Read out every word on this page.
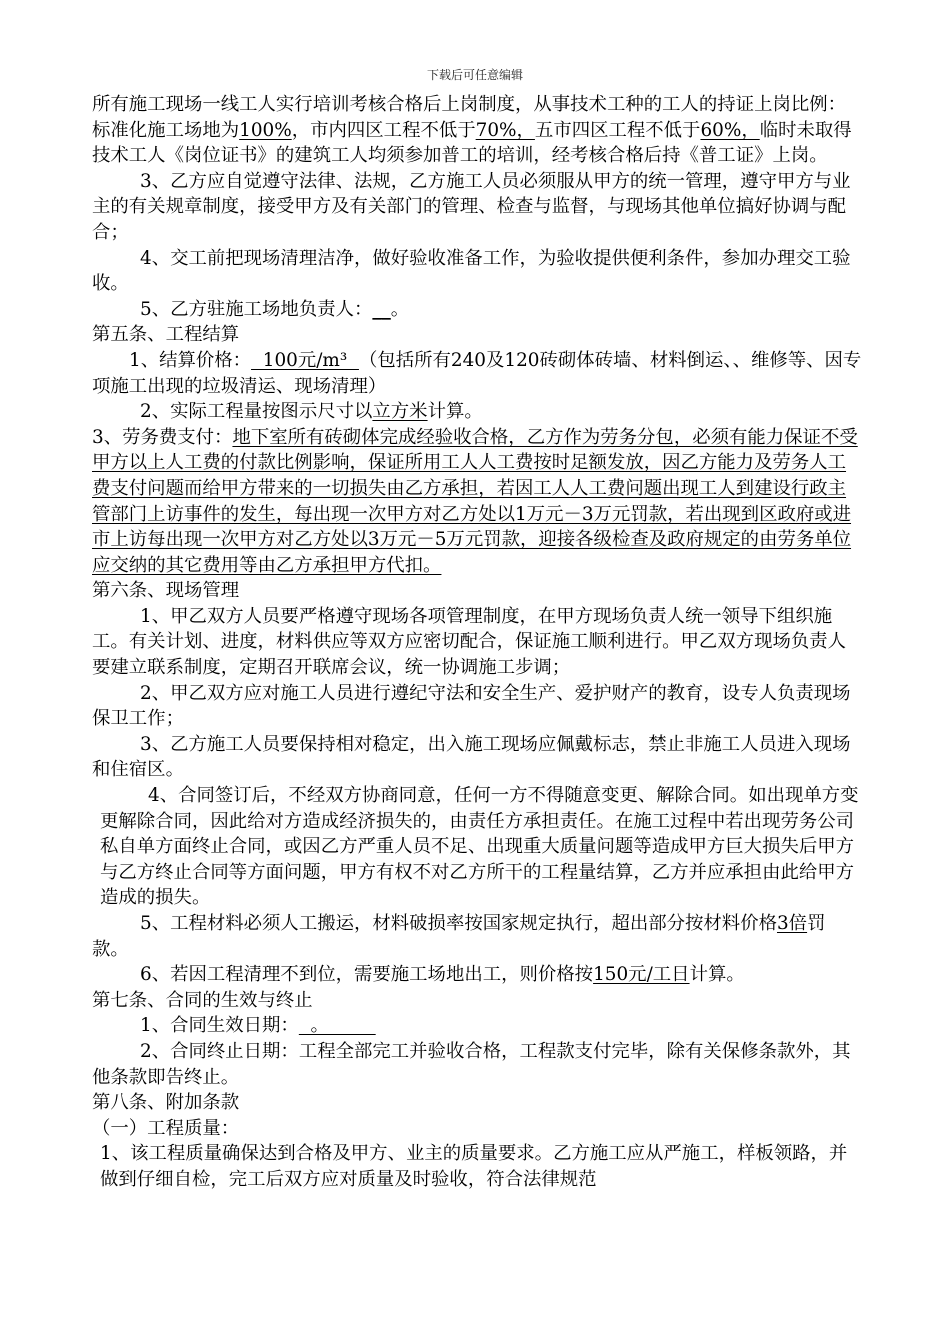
下载后可任意编辑

所有施工现场一线工人实行培训考核合格后上岗制度，从事技术工种的工人的持证上岗比例：标准化施工场地为100%，市内四区工程不低于70%，五市四区工程不低于60%，临时未取得技术工人《岗位证书》的建筑工人均须参加普工的培训，经考核合格后持《普工证》上岗。

3、乙方应自觉遵守法律、法规，乙方施工人员必须服从甲方的统一管理，遵守甲方与业主的有关规章制度，接受甲方及有关部门的管理、检查与监督，与现场其他单位搞好协调与配合；

4、交工前把现场清理洁净，做好验收准备工作，为验收提供便利条件，参加办理交工验收。

5、乙方驻施工场地负责人：__。

第五条、工程结算

1、结算价格：  100元/m³  （包括所有240及120砖砌体砖墙、材料倒运、、维修等、因专项施工出现的垃圾清运、现场清理）

2、实际工程量按图示尺寸以立方米计算。

3、劳务费支付：地下室所有砖砌体完成经验收合格，乙方作为劳务分包，必须有能力保证不受甲方以上人工费的付款比例影响，保证所用工人人工费按时足额发放，因乙方能力及劳务人工费支付问题而给甲方带来的一切损失由乙方承担，若因工人人工费问题出现工人到建设行政主管部门上访事件的发生，每出现一次甲方对乙方处以1万元－3万元罚款，若出现到区政府或进市上访每出现一次甲方对乙方处以3万元－5万元罚款，迎接各级检查及政府规定的由劳务单位应交纳的其它费用等由乙方承担甲方代扣。

第六条、现场管理

1、甲乙双方人员要严格遵守现场各项管理制度，在甲方现场负责人统一领导下组织施工。有关计划、进度，材料供应等双方应密切配合，保证施工顺利进行。甲乙双方现场负责人要建立联系制度，定期召开联席会议，统一协调施工步调；

2、甲乙双方应对施工人员进行遵纪守法和安全生产、爱护财产的教育，设专人负责现场保卫工作；

3、乙方施工人员要保持相对稳定，出入施工现场应佩戴标志，禁止非施工人员进入现场和住宿区。

4、合同签订后，不经双方协商同意，任何一方不得随意变更、解除合同。如出现单方变更解除合同，因此给对方造成经济损失的，由责任方承担责任。在施工过程中若出现劳务公司私自单方面终止合同，或因乙方严重人员不足、出现重大质量问题等造成甲方巨大损失后甲方与乙方终止合同等方面问题，甲方有权不对乙方所干的工程量结算，乙方并应承担由此给甲方造成的损失。

5、工程材料必须人工搬运，材料破损率按国家规定执行，超出部分按材料价格3倍罚款。

6、若因工程清理不到位，需要施工场地出工，则价格按150元/工日计算。

第七条、合同的生效与终止

1、合同生效日期：  。

2、合同终止日期：工程全部完工并验收合格，工程款支付完毕，除有关保修条款外，其他条款即告终止。

第八条、附加条款

（一）工程质量：

1、该工程质量确保达到合格及甲方、业主的质量要求。乙方施工应从严施工，样板领路，并做到仔细自检，完工后双方应对质量及时验收，符合法律规范
